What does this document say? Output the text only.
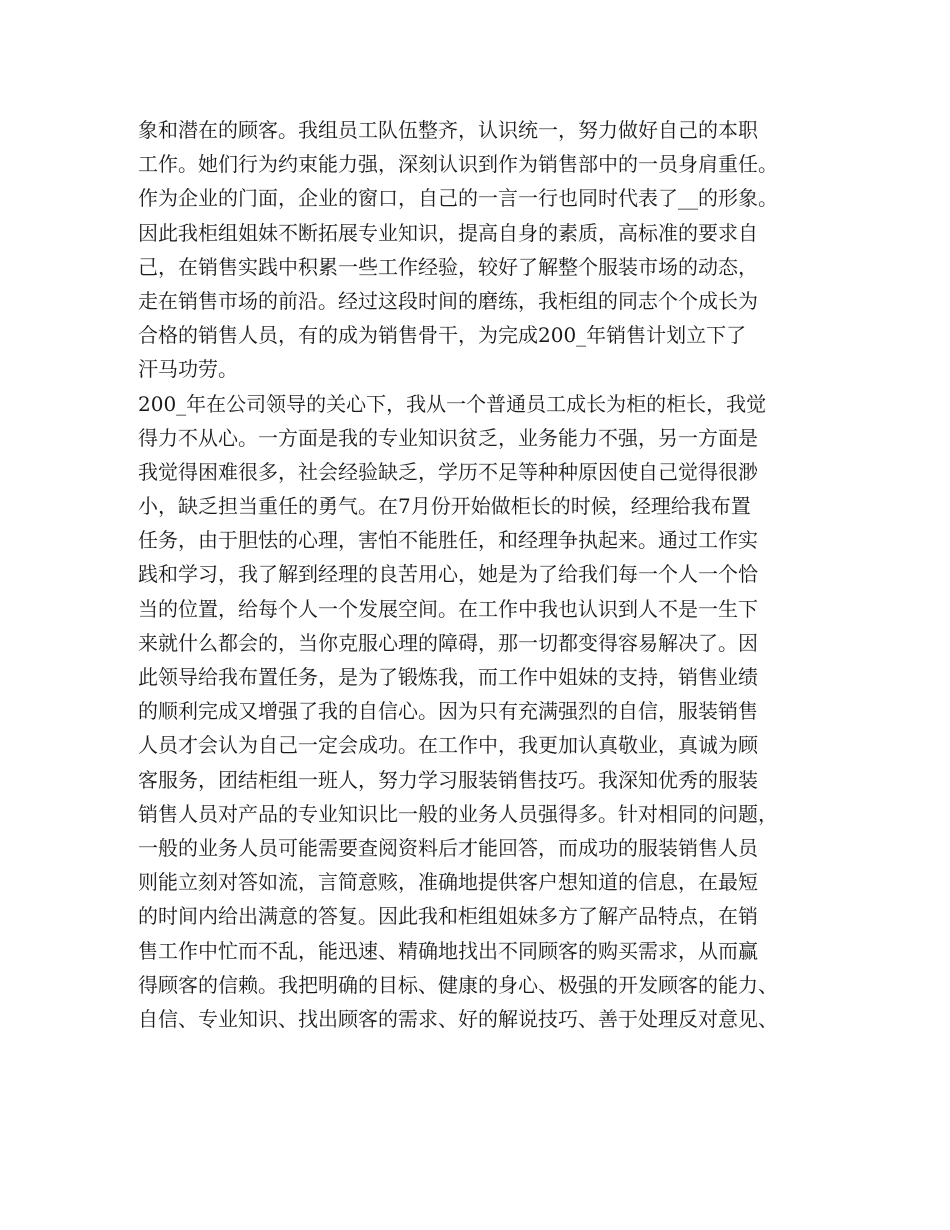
象和潜在的顾客。我组员工队伍整齐，认识统一，努力做好自己的本职
工作。她们行为约束能力强，深刻认识到作为销售部中的一员身肩重任。
作为企业的门面，企业的窗口，自己的一言一行也同时代表了__的形象。
因此我柜组姐妹不断拓展专业知识，提高自身的素质，高标准的要求自
己，在销售实践中积累一些工作经验，较好了解整个服装市场的动态，
走在销售市场的前沿。经过这段时间的磨练，我柜组的同志个个成长为
合格的销售人员，有的成为销售骨干，为完成200_年销售计划立下了
汗马功劳。
200_年在公司领导的关心下，我从一个普通员工成长为柜的柜长，我觉
得力不从心。一方面是我的专业知识贫乏，业务能力不强，另一方面是
我觉得困难很多，社会经验缺乏，学历不足等种种原因使自己觉得很渺
小，缺乏担当重任的勇气。在7月份开始做柜长的时候，经理给我布置
任务，由于胆怯的心理，害怕不能胜任，和经理争执起来。通过工作实
践和学习，我了解到经理的良苦用心，她是为了给我们每一个人一个恰
当的位置，给每个人一个发展空间。在工作中我也认识到人不是一生下
来就什么都会的，当你克服心理的障碍，那一切都变得容易解决了。因
此领导给我布置任务，是为了锻炼我，而工作中姐妹的支持，销售业绩
的顺利完成又增强了我的自信心。因为只有充满强烈的自信，服装销售
人员才会认为自己一定会成功。在工作中，我更加认真敬业，真诚为顾
客服务，团结柜组一班人，努力学习服装销售技巧。我深知优秀的服装
销售人员对产品的专业知识比一般的业务人员强得多。针对相同的问题，
一般的业务人员可能需要查阅资料后才能回答，而成功的服装销售人员
则能立刻对答如流，言简意赅，准确地提供客户想知道的信息，在最短
的时间内给出满意的答复。因此我和柜组姐妹多方了解产品特点，在销
售工作中忙而不乱，能迅速、精确地找出不同顾客的购买需求，从而赢
得顾客的信赖。我把明确的目标、健康的身心、极强的开发顾客的能力、
自信、专业知识、找出顾客的需求、好的解说技巧、善于处理反对意见、
